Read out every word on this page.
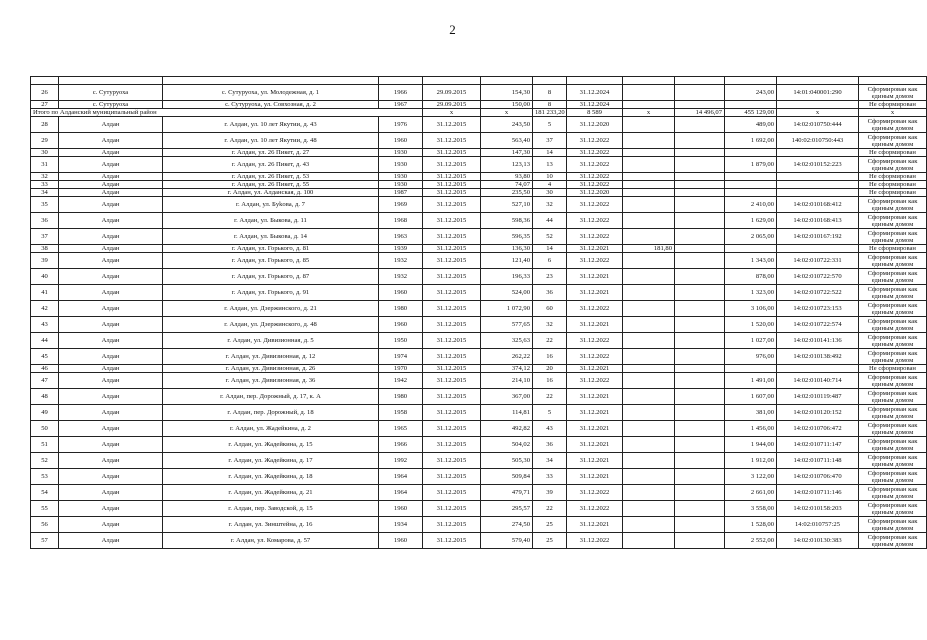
2

26	с. Сутуруоха	с. Сутуруоха, ул. Молодежная, д. 1	1966	29.09.2015	154,30	8	31.12.2024			243,00	14:01:040001:290	Сформирован как единым домом
27	с. Сутуруоха	с. Сутуруоха, ул. Совхозная, д. 2	1967	29.09.2015	150,00	8	31.12.2024					Не сформирован
Итого по Алданский муниципальный район				х	х	181 233,20	8 589	х	14 496,07	455 129,00	х	х
28	Алдан	г. Алдан, ул. 10 лет Якутии, д. 43	1976	31.12.2015	243,50	5	31.12.2020			489,00	14:02:010750:444	Сформирован как единым домом
29	Алдан	г. Алдан, ул. 10 лет Якутии, д. 48	1960	31.12.2015	563,40	37	31.12.2022			1 692,00	140:02:010750:443	Сформирован как единым домом
30	Алдан	г. Алдан, ул. 26 Пикет, д. 27	1930	31.12.2015	147,30	14	31.12.2022					Не сформирован
31	Алдан	г. Алдан, ул. 26 Пикет, д. 43	1930	31.12.2015	123,13	13	31.12.2022			1 879,00	14:02:010152:223	Сформирован как единым домом
32	Алдан	г. Алдан, ул. 26 Пикет, д. 53	1930	31.12.2015	93,80	10	31.12.2022					Не сформирован
33	Алдан	г. Алдан, ул. 26 Пикет, д. 55	1930	31.12.2015	74,07	4	31.12.2022					Не сформирован
34	Алдан	г. Алдан, ул. Алданская, д. 100	1987	31.12.2015	235,50	30	31.12.2020					Не сформирован
35	Алдан	г. Алдан, ул. Бykова, д. 7	1969	31.12.2015	527,10	32	31.12.2022			2 410,00	14:02:010168:412	Сформирован как единым домом
36	Алдан	г. Алдан, ул. Быкова, д. 11	1968	31.12.2015	598,36	44	31.12.2022			1 629,00	14:02:010168:413	Сформирован как единым домом
37	Алдан	г. Алдан, ул. Быкова, д. 14	1963	31.12.2015	596,35	52	31.12.2022			2 065,00	14:02:010167:192	Сформирован как единым домом
38	Алдан	г. Алдан, ул. Горького, д. 81	1939	31.12.2015	136,30	14	31.12.2021	181,80				Не сформирован
39	Алдан	г. Алдан, ул. Горького, д. 85	1932	31.12.2015	121,40	6	31.12.2022			1 343,00	14:02:010722:331	Сформирован как единым домом
40	Алдан	г. Алдан, ул. Горького, д. 87	1932	31.12.2015	196,33	23	31.12.2021			878,00	14:02:010722:570	Сформирован как единым домом
41	Алдан	г. Алдан, ул. Горького, д. 91	1960	31.12.2015	524,00	36	31.12.2021			1 323,00	14:02:010722:522	Сформирован как единым домом
42	Алдан	г. Алдан, ул. Дзержинского, д. 21	1980	31.12.2015	1 072,90	60	31.12.2022			3 106,00	14:02:010723:153	Сформирован как единым домом
43	Алдан	г. Алдан, ул. Дзержинского, д. 48	1960	31.12.2015	577,65	32	31.12.2021			1 520,00	14:02:010722:574	Сформирован как единым домом
44	Алдан	г. Алдан, ул. Дивизионная, д. 5	1950	31.12.2015	325,63	22	31.12.2022			1 027,00	14:02:010141:136	Сформирован как единым домом
45	Алдан	г. Алдан, ул. Дивизионная, д. 12	1974	31.12.2015	262,22	16	31.12.2022			976,00	14:02:010138:492	Сформирован как единым домом
46	Алдан	г. Алдан, ул. Дивизионная, д. 26	1970	31.12.2015	374,12	20	31.12.2021					Не сформирован
47	Алдан	г. Алдан, ул. Дивизионная, д. 36	1942	31.12.2015	214,10	16	31.12.2022			1 491,00	14:02:010140:714	Сформирован как единым домом
48	Алдан	г. Алдан, пер. Дорожный, д. 17, к. А	1980	31.12.2015	367,00	22	31.12.2021			1 607,00	14:02:010119:487	Сформирован как единым домом
49	Алдан	г. Алдан, пер. Дорожный, д. 18	1958	31.12.2015	114,81	5	31.12.2021			381,00	14:02:010120:152	Сформирован как единым домом
50	Алдан	г. Алдан, ул. Жадейкина, д. 2	1965	31.12.2015	492,82	43	31.12.2021			1 456,00	14:02:010706:472	Сформирован как единым домом
51	Алдан	г. Алдан, ул. Жадейкина, д. 15	1966	31.12.2015	504,02	36	31.12.2021			1 944,00	14:02:010711:147	Сформирован как единым домом
52	Алдан	г. Алдан, ул. Жадейкина, д. 17	1992	31.12.2015	505,30	34	31.12.2021			1 912,00	14:02:010711:148	Сформирован как единым домом
53	Алдан	г. Алдан, ул. Жадейкина, д. 18	1964	31.12.2015	509,84	33	31.12.2021			3 122,00	14:02:010706:470	Сформирован как единым домом
54	Алдан	г. Алдан, ул. Жадейкина, д. 21	1964	31.12.2015	479,71	39	31.12.2022			2 661,00	14:02:010711:146	Сформирован как единым домом
55	Алдан	г. Алдан, пер. Заводской, д. 15	1960	31.12.2015	295,57	22	31.12.2022			3 558,00	14:02:010158:203	Сформирован как единым домом
56	Алдан	г. Алдан, ул. Зинштейна, д. 16	1934	31.12.2015	274,50	25	31.12.2021			1 528,00	14:02:010757:25	Сформирован как единым домом
57	Алдан	г. Алдан, ул. Комарова, д. 57	1960	31.12.2015	579,40	25	31.12.2022			2 552,00	14:02:010130:383	Сформирован как единым домом
